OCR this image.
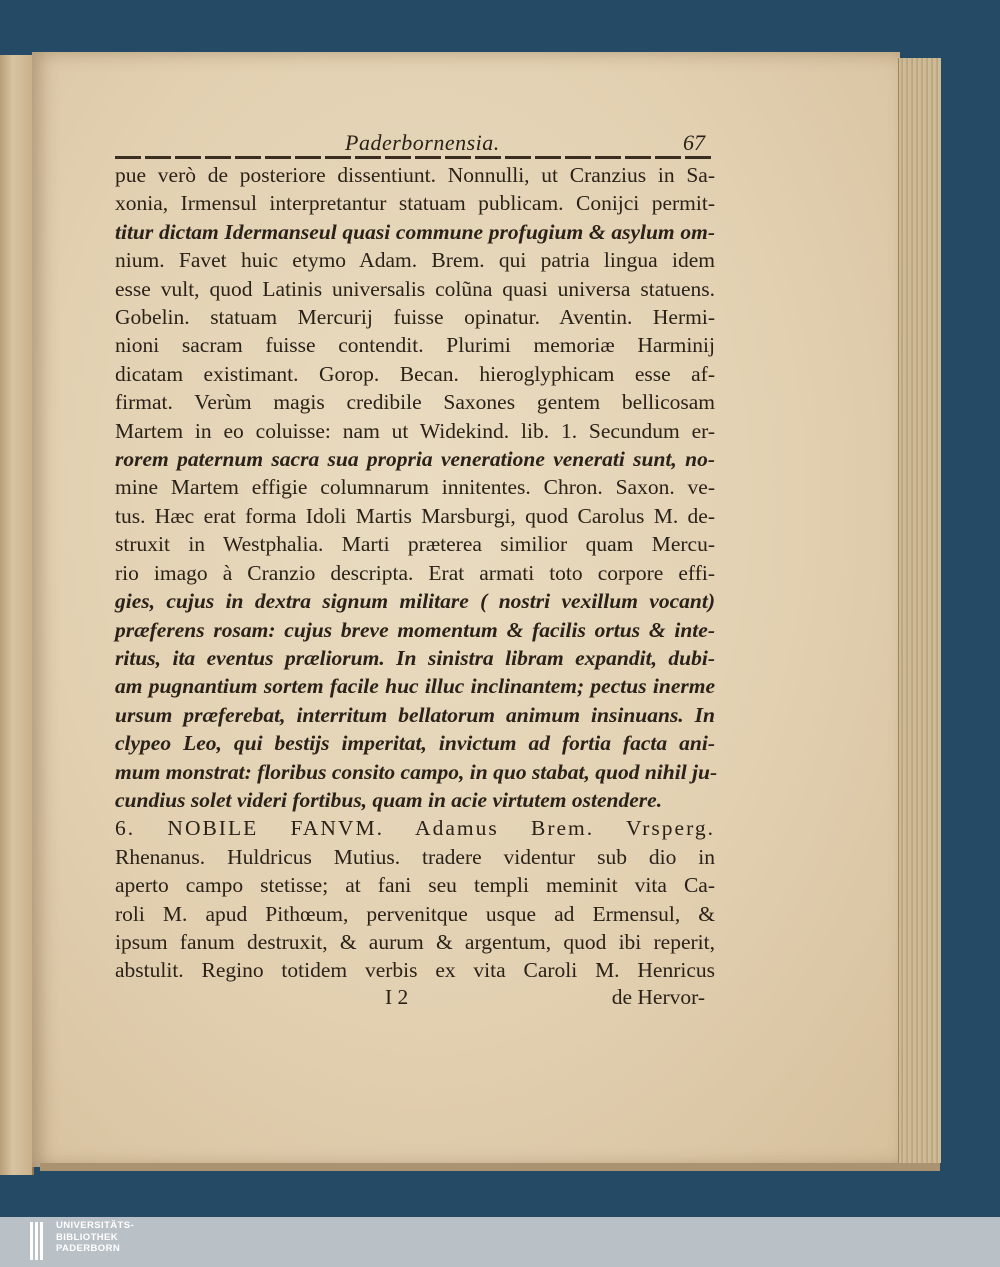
Paderbornensia.	67
pue verò de posteriore dissentiunt. Nonnulli, ut Cranzius in Sa-
xonia, Irmensul interpretantur statuam publicam. Conijci permit-
titur dictam Idermanseul quasi commune profugium & asylum om-
nium. Favet huic etymo Adam. Brem. qui patria lingua idem
esse vult, quod Latinis universalis colũna quasi universa statuens.
Gobelin. statuam Mercurij fuisse opinatur. Aventin. Hermi-
nioni sacram fuisse contendit. Plurimi memoriæ Harminij
dicatam existimant. Gorop. Becan. hieroglyphicam esse af-
firmat. Verùm magis credibile Saxones gentem bellicosam
Martem in eo coluisse: nam ut Widekind. lib. 1. Secundum er-
rorem paternum sacra sua propria veneratione venerati sunt, no-
mine Martem effigie columnarum innitentes. Chron. Saxon. ve-
tus. Hæc erat forma Idoli Martis Marsburgi, quod Carolus M. de-
struxit in Westphalia. Marti præterea similior quam Mercu-
rio imago à Cranzio descripta. Erat armati toto corpore effi-
gies, cujus in dextra signum militare ( nostri vexillum vocant)
præferens rosam: cujus breve momentum & facilis ortus & inte-
ritus, ita eventus præliorum. In sinistra libram expandit, dubi-
am pugnantium sortem facile huc illuc inclinantem; pectus inerme
ursum præferebat, interritum bellatorum animum insinuans. In
clypeo Leo, qui bestijs imperitat, invictum ad fortia facta ani-
mum monstrat: floribus consito campo, in quo stabat, quod nihil ju-
cundius solet videri fortibus, quam in acie virtutem ostendere.
6. NOBILE FANVM. Adamus Brem. Vrsperg.
Rhenanus. Huldricus Mutius. tradere videntur sub dio in
aperto campo stetisse; at fani seu templi meminit vita Ca-
roli M. apud Pithœum, pervenitque usque ad Ermensul, &
ipsum fanum destruxit, & aurum & argentum, quod ibi reperit,
abstulit. Regino totidem verbis ex vita Caroli M. Henricus
I 2	de Hervor-
UNIVERSITÄTS-
BIBLIOTHEK
PADERBORN
